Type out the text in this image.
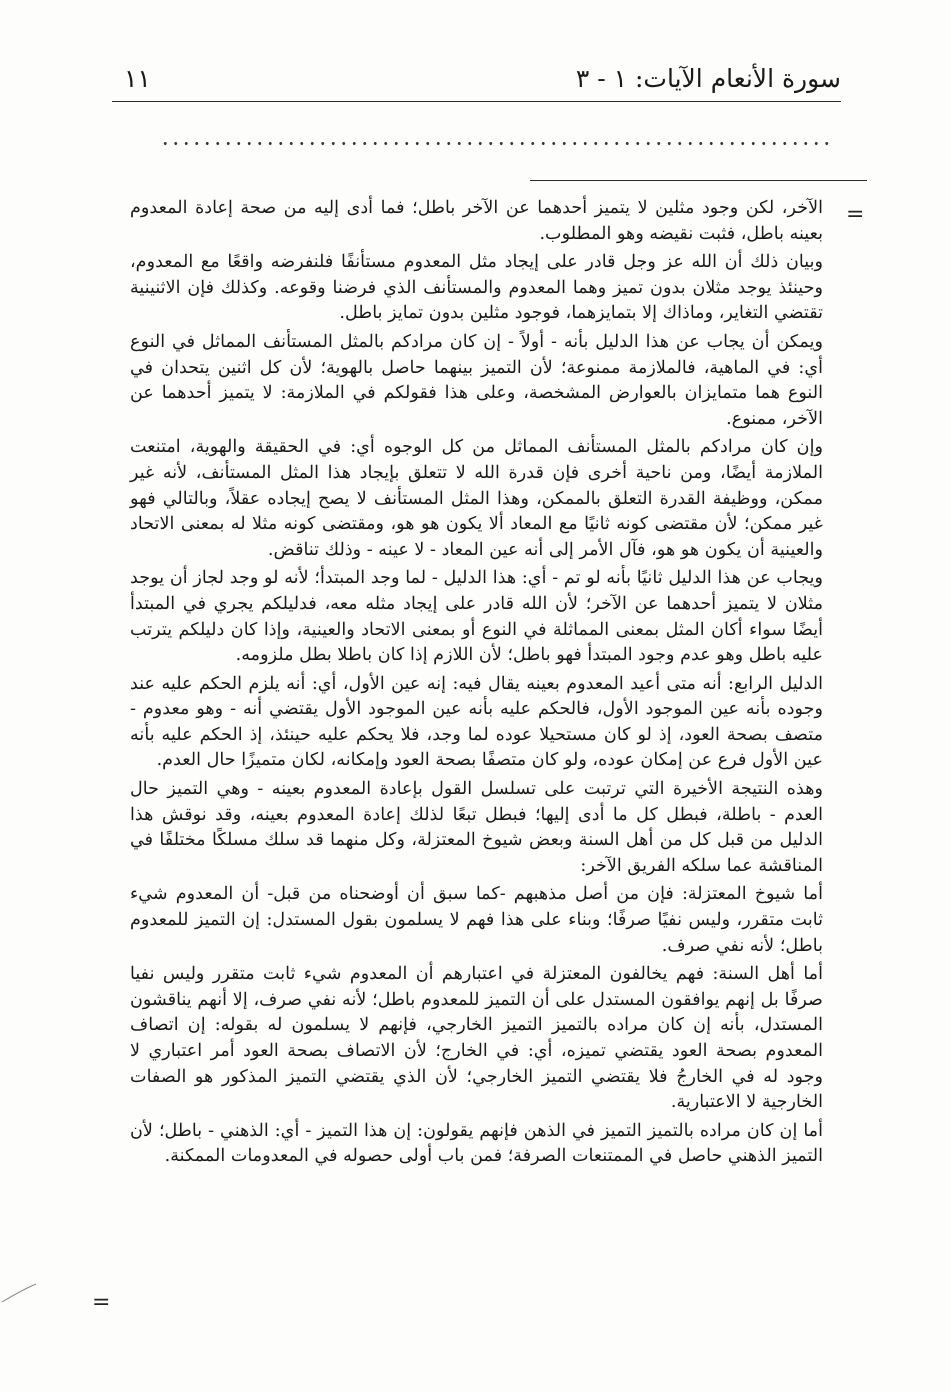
سورة الأنعام الآيات: ١ - ٣
١١
=

الآخر، لكن وجود مثلين لا يتميز أحدهما عن الآخر باطل؛ فما أدى إليه من صحة إعادة المعدوم بعينه باطل، فثبت نقيضه وهو المطلوب.

وبيان ذلك أن الله عز وجل قادر على إيجاد مثل المعدوم مستأنفًا فلنفرضه واقعًا مع المعدوم، وحينئذ يوجد مثلان بدون تميز وهما المعدوم والمستأنف الذي فرضنا وقوعه. وكذلك فإن الاثنينية تقتضي التغاير، وماذاك إلا بتمايزهما، فوجود مثلين بدون تمايز باطل.

ويمكن أن يجاب عن هذا الدليل بأنه - أولاً - إن كان مرادكم بالمثل المستأنف المماثل في النوع أي: في الماهية، فالملازمة ممنوعة؛ لأن التميز بينهما حاصل بالهوية؛ لأن كل اثنين يتحدان في النوع هما متمايزان بالعوارض المشخصة، وعلى هذا فقولكم في الملازمة: لا يتميز أحدهما عن الآخر، ممنوع.

وإن كان مرادكم بالمثل المستأنف المماثل من كل الوجوه أي: في الحقيقة والهوية، امتنعت الملازمة أيضًا، ومن ناحية أخرى فإن قدرة الله لا تتعلق بإيجاد هذا المثل المستأنف، لأنه غير ممكن، ووظيفة القدرة التعلق بالممكن، وهذا المثل المستأنف لا يصح إيجاده عقلاً، وبالتالي فهو غير ممكن؛ لأن مقتضى كونه ثانيًا مع المعاد ألا يكون هو هو، ومقتضى كونه مثلا له بمعنى الاتحاد والعينية أن يكون هو هو، فآل الأمر إلى أنه عين المعاد - لا عينه - وذلك تناقض.

ويجاب عن هذا الدليل ثانيًا بأنه لو تم - أي: هذا الدليل - لما وجد المبتدأ؛ لأنه لو وجد لجاز أن يوجد مثلان لا يتميز أحدهما عن الآخر؛ لأن الله قادر على إيجاد مثله معه، فدليلكم يجري في المبتدأ أيضًا سواء أكان المثل بمعنى المماثلة في النوع أو بمعنى الاتحاد والعينية، وإذا كان دليلكم يترتب عليه باطل وهو عدم وجود المبتدأ فهو باطل؛ لأن اللازم إذا كان باطلا بطل ملزومه.

الدليل الرابع: أنه متى أعيد المعدوم بعينه يقال فيه: إنه عين الأول، أي: أنه يلزم الحكم عليه عند وجوده بأنه عين الموجود الأول، فالحكم عليه بأنه عين الموجود الأول يقتضي أنه - وهو معدوم - متصف بصحة العود، إذ لو كان مستحيلا عوده لما وجد، فلا يحكم عليه حينئذ، إذ الحكم عليه بأنه عين الأول فرع عن إمكان عوده، ولو كان متصفًا بصحة العود وإمكانه، لكان متميزًا حال العدم.

وهذه النتيجة الأخيرة التي ترتبت على تسلسل القول بإعادة المعدوم بعينه - وهي التميز حال العدم - باطلة، فبطل كل ما أدى إليها؛ فبطل تبعًا لذلك إعادة المعدوم بعينه، وقد نوقش هذا الدليل من قبل كل من أهل السنة وبعض شيوخ المعتزلة، وكل منهما قد سلك مسلكًا مختلفًا في المناقشة عما سلكه الفريق الآخر:

أما شيوخ المعتزلة: فإن من أصل مذهبهم -كما سبق أن أوضحناه من قبل- أن المعدوم شيء ثابت متقرر، وليس نفيًا صرفًا؛ وبناء على هذا فهم لا يسلمون بقول المستدل: إن التميز للمعدوم باطل؛ لأنه نفي صرف.

أما أهل السنة: فهم يخالفون المعتزلة في اعتبارهم أن المعدوم شيء ثابت متقرر وليس نفيا صرفًا بل إنهم يوافقون المستدل على أن التميز للمعدوم باطل؛ لأنه نفي صرف، إلا أنهم يناقشون المستدل، بأنه إن كان مراده بالتميز التميز الخارجي، فإنهم لا يسلمون له بقوله: إن اتصاف المعدوم بصحة العود يقتضي تميزه، أي: في الخارج؛ لأن الاتصاف بصحة العود أمر اعتباري لا وجود له في الخارجُ فلا يقتضي التميز الخارجي؛ لأن الذي يقتضي التميز المذكور هو الصفات الخارجية لا الاعتبارية.

أما إن كان مراده بالتميز التميز في الذهن فإنهم يقولون: إن هذا التميز - أي: الذهني - باطل؛ لأن التميز الذهني حاصل في الممتنعات الصرفة؛ فمن باب أولى حصوله في المعدومات الممكنة.

=
